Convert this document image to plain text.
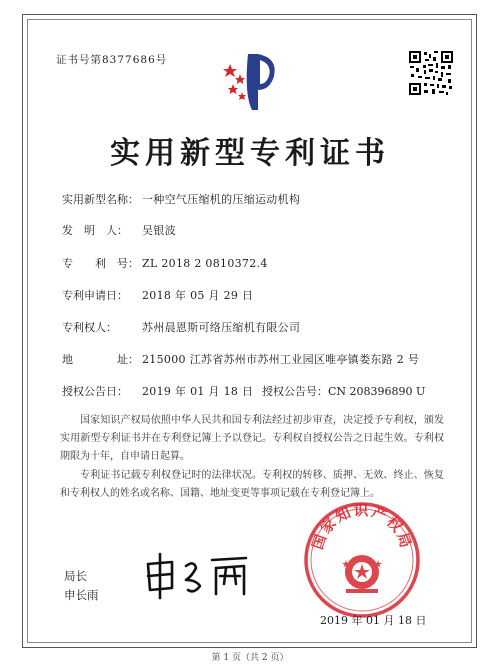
证书号第8377686号
实用新型专利证书
实用新型名称： 一种空气压缩机的压缩运动机构
发　明　人： 吴银波
专　　利　号： ZL 2018 2 0810372.4
专利申请日： 2018 年 05 月 29 日
专利权人： 苏州晨恩斯可络压缩机有限公司
地　　　　址： 215000 江苏省苏州市苏州工业园区唯亭镇娄东路 2 号
授权公告日： 2019 年 01 月 18 日 授权公告号：CN 208396890 U
国家知识产权局依照中华人民共和国专利法经过初步审查，决定授予专利权，颁发实用新型专利证书并在专利登记簿上予以登记。专利权自授权公告之日起生效。专利权期限为十年，自申请日起算。
专利证书记载专利权登记时的法律状况。专利权的转移、质押、无效、终止、恢复和专利权人的姓名或名称、国籍、地址变更等事项记载在专利登记簿上。
局长
申长雨
国家知识产权局
2019 年 01 月 18 日
第 1 页（共 2 页）
